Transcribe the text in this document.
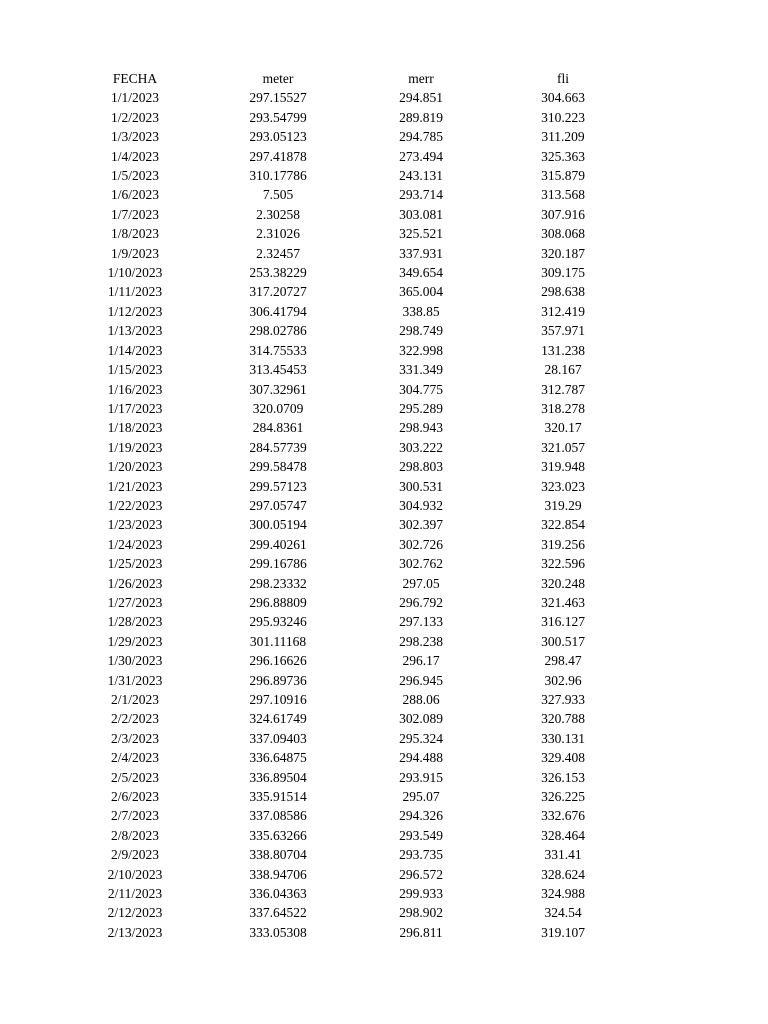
FECHA	meter	merr	fli
1/1/2023	297.15527	294.851	304.663
1/2/2023	293.54799	289.819	310.223
1/3/2023	293.05123	294.785	311.209
1/4/2023	297.41878	273.494	325.363
1/5/2023	310.17786	243.131	315.879
1/6/2023	7.505	293.714	313.568
1/7/2023	2.30258	303.081	307.916
1/8/2023	2.31026	325.521	308.068
1/9/2023	2.32457	337.931	320.187
1/10/2023	253.38229	349.654	309.175
1/11/2023	317.20727	365.004	298.638
1/12/2023	306.41794	338.85	312.419
1/13/2023	298.02786	298.749	357.971
1/14/2023	314.75533	322.998	131.238
1/15/2023	313.45453	331.349	28.167
1/16/2023	307.32961	304.775	312.787
1/17/2023	320.0709	295.289	318.278
1/18/2023	284.8361	298.943	320.17
1/19/2023	284.57739	303.222	321.057
1/20/2023	299.58478	298.803	319.948
1/21/2023	299.57123	300.531	323.023
1/22/2023	297.05747	304.932	319.29
1/23/2023	300.05194	302.397	322.854
1/24/2023	299.40261	302.726	319.256
1/25/2023	299.16786	302.762	322.596
1/26/2023	298.23332	297.05	320.248
1/27/2023	296.88809	296.792	321.463
1/28/2023	295.93246	297.133	316.127
1/29/2023	301.11168	298.238	300.517
1/30/2023	296.16626	296.17	298.47
1/31/2023	296.89736	296.945	302.96
2/1/2023	297.10916	288.06	327.933
2/2/2023	324.61749	302.089	320.788
2/3/2023	337.09403	295.324	330.131
2/4/2023	336.64875	294.488	329.408
2/5/2023	336.89504	293.915	326.153
2/6/2023	335.91514	295.07	326.225
2/7/2023	337.08586	294.326	332.676
2/8/2023	335.63266	293.549	328.464
2/9/2023	338.80704	293.735	331.41
2/10/2023	338.94706	296.572	328.624
2/11/2023	336.04363	299.933	324.988
2/12/2023	337.64522	298.902	324.54
2/13/2023	333.05308	296.811	319.107
